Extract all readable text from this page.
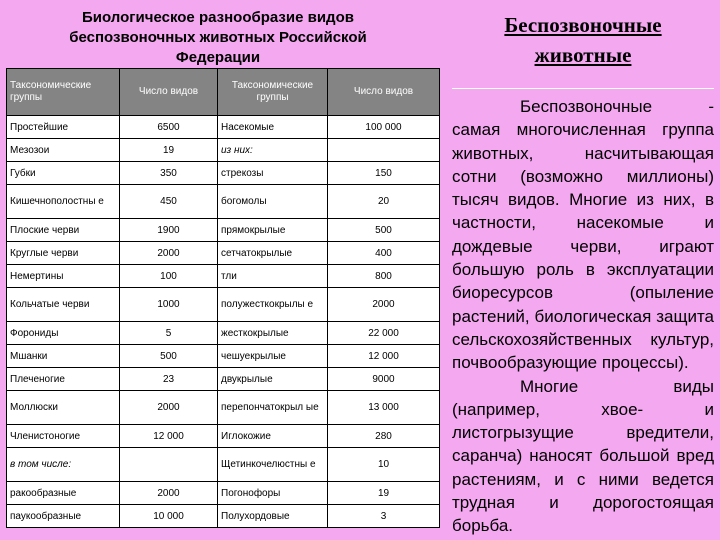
Биологическое разнообразие видов
беспозвоночных животных Российской
Федерации
Таксономические группы	Число видов	Таксономические группы	Число видов
Простейшие	6500	Насекомые	100 000
Мезозои	19	из них:	
Губки	350	стрекозы	150
Кишечнополостны е	450	богомолы	20
Плоские черви	1900	прямокрылые	500
Круглые черви	2000	сетчатокрылые	400
Немертины	100	тли	800
Кольчатые черви	1000	полужесткокрылы е	2000
Форониды	5	жесткокрылые	22 000
Мшанки	500	чешуекрылые	12 000
Плеченогие	23	двукрылые	9000
Моллюски	2000	перепончатокрыл ые	13 000
Членистоногие	12 000	Иглокожие	280
в том числе:		Щетинкочелюстны е	10
ракообразные	2000	Погонофоры	19
паукообразные	10 000	Полухордовые	3
Беспозвоночные
животные

Беспозвоночные - самая многочисленная группа животных, насчитывающая сотни (возможно миллионы) тысяч видов. Многие из них, в частности, насекомые и дождевые черви, играют большую роль в эксплуатации биоресурсов (опыление растений, биологическая защита сельскохозяйственных культур, почвообразующие процессы).

Многие виды (например, хвое- и листогрызущие вредители, саранча) наносят большой вред растениям, и с ними ведется трудная и дорогостоящая борьба.
